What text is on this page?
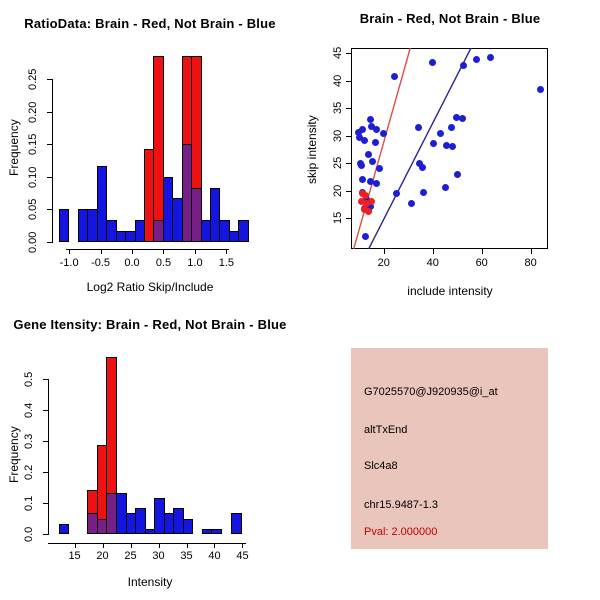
RatioData: Brain - Red, Not Brain - Blue
Frequency
Log2 Ratio Skip/Include
0.00
0.05
0.10
0.15
0.20
0.25
-1.0	-0.5	0.0	0.5	1.0	1.5
Brain - Red, Not Brain - Blue
skip intensity
include intensity
20	40	60	80
15
20
25
30
35
40
45
Gene Itensity: Brain - Red, Not Brain - Blue
Frequency
Intensity
0.0
0.1
0.2
0.3
0.4
0.5
15	20	25	30	35	40	45
G7025570@J920935@i_at
altTxEnd
Slc4a8
chr15.9487-1.3
Pval: 2.000000
